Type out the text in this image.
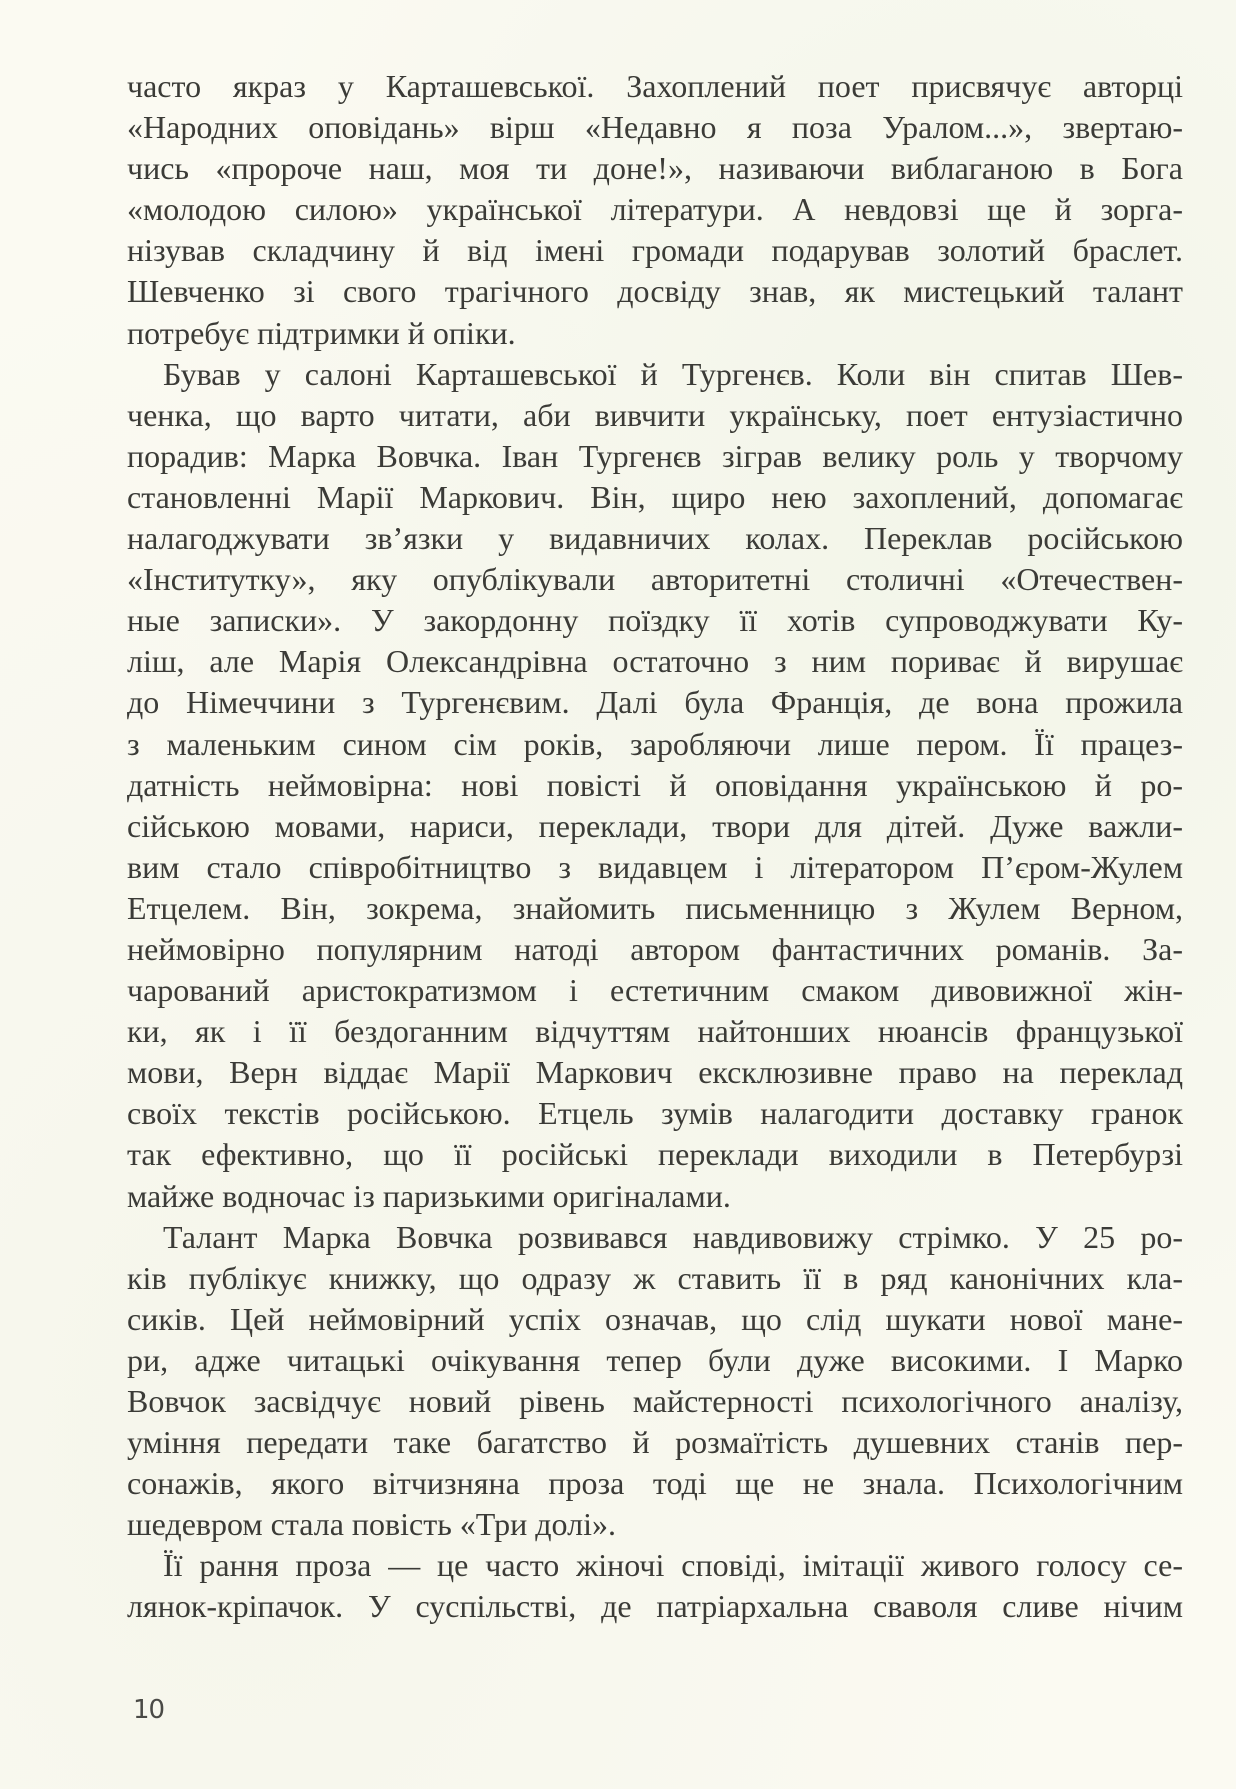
часто якраз у Карташевської. Захоплений поет присвячує авторці
«Народних оповідань» вірш «Недавно я поза Уралом...», звертаю-
чись «пророче наш, моя ти доне!», називаючи виблаганою в Бога
«молодою силою» української літератури. А невдовзі ще й зорга-
нізував складчину й від імені громади подарував золотий браслет.
Шевченко зі свого трагічного досвіду знав, як мистецький талант
потребує підтримки й опіки.
Бував у салоні Карташевської й Тургенєв. Коли він спитав Шев-
ченка, що варто читати, аби вивчити українську, поет ентузіастично
порадив: Марка Вовчка. Іван Тургенєв зіграв велику роль у творчому
становленні Марії Маркович. Він, щиро нею захоплений, допомагає
налагоджувати зв’язки у видавничих колах. Переклав російською
«Інститутку», яку опублікували авторитетні столичні «Отечествен-
ные записки». У закордонну поїздку її хотів супроводжувати Ку-
ліш, але Марія Олександрівна остаточно з ним пориває й вирушає
до Німеччини з Тургенєвим. Далі була Франція, де вона прожила
з маленьким сином сім років, заробляючи лише пером. Її працез-
датність неймовірна: нові повісті й оповідання українською й ро-
сійською мовами, нариси, переклади, твори для дітей. Дуже важли-
вим стало співробітництво з видавцем і літератором П’єром-Жулем
Етцелем. Він, зокрема, знайомить письменницю з Жулем Верном,
неймовірно популярним натоді автором фантастичних романів. За-
чарований аристократизмом і естетичним смаком дивовижної жін-
ки, як і її бездоганним відчуттям найтонших нюансів французької
мови, Верн віддає Марії Маркович ексклюзивне право на переклад
своїх текстів російською. Етцель зумів налагодити доставку гранок
так ефективно, що її російські переклади виходили в Петербурзі
майже водночас із паризькими оригіналами.
Талант Марка Вовчка розвивався навдивовижу стрімко. У 25 ро-
ків публікує книжку, що одразу ж ставить її в ряд канонічних кла-
сиків. Цей неймовірний успіх означав, що слід шукати нової мане-
ри, адже читацькі очікування тепер були дуже високими. І Марко
Вовчок засвідчує новий рівень майстерності психологічного аналізу,
уміння передати таке багатство й розмаїтість душевних станів пер-
сонажів, якого вітчизняна проза тоді ще не знала. Психологічним
шедевром стала повість «Три долі».
Її рання проза — це часто жіночі сповіді, імітації живого голосу се-
лянок-кріпачок. У суспільстві, де патріархальна сваволя сливе нічим
10
